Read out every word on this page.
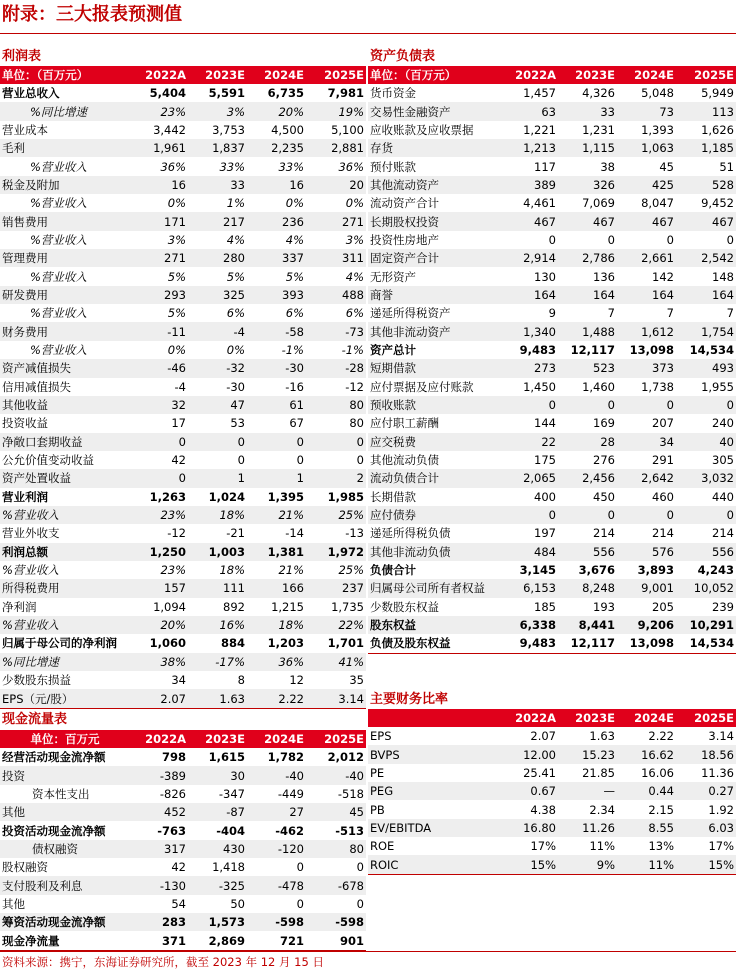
附录：三大报表预测值
利润表
单位：（百万元）	2022A	2023E	2024E	2025E
营业总收入	5,404	5,591	6,735	7,981
%同比增速	23%	3%	20%	19%
营业成本	3,442	3,753	4,500	5,100
毛利	1,961	1,837	2,235	2,881
%营业收入	36%	33%	33%	36%
税金及附加	16	33	16	20
%营业收入	0%	1%	0%	0%
销售费用	171	217	236	271
%营业收入	3%	4%	4%	3%
管理费用	271	280	337	311
%营业收入	5%	5%	5%	4%
研发费用	293	325	393	488
%营业收入	5%	6%	6%	6%
财务费用	-11	-4	-58	-73
%营业收入	0%	0%	-1%	-1%
资产减值损失	-46	-32	-30	-28
信用减值损失	-4	-30	-16	-12
其他收益	32	47	61	80
投资收益	17	53	67	80
净敞口套期收益	0	0	0	0
公允价值变动收益	42	0	0	0
资产处置收益	0	1	1	2
营业利润	1,263	1,024	1,395	1,985
%营业收入	23%	18%	21%	25%
营业外收支	-12	-21	-14	-13
利润总额	1,250	1,003	1,381	1,972
%营业收入	23%	18%	21%	25%
所得税费用	157	111	166	237
净利润	1,094	892	1,215	1,735
%营业收入	20%	16%	18%	22%
归属于母公司的净利润	1,060	884	1,203	1,701
%同比增速	38%	-17%	36%	41%
少数股东损益	34	8	12	35
EPS（元/股）	2.07	1.63	2.22	3.14
资产负债表
单位：（百万元）	2022A	2023E	2024E	2025E
货币资金	1,457	4,326	5,048	5,949
交易性金融资产	63	33	73	113
应收账款及应收票据	1,221	1,231	1,393	1,626
存货	1,213	1,115	1,063	1,185
预付账款	117	38	45	51
其他流动资产	389	326	425	528
流动资产合计	4,461	7,069	8,047	9,452
长期股权投资	467	467	467	467
投资性房地产	0	0	0	0
固定资产合计	2,914	2,786	2,661	2,542
无形资产	130	136	142	148
商誉	164	164	164	164
递延所得税资产	9	7	7	7
其他非流动资产	1,340	1,488	1,612	1,754
资产总计	9,483	12,117	13,098	14,534
短期借款	273	523	373	493
应付票据及应付账款	1,450	1,460	1,738	1,955
预收账款	0	0	0	0
应付职工薪酬	144	169	207	240
应交税费	22	28	34	40
其他流动负债	175	276	291	305
流动负债合计	2,065	2,456	2,642	3,032
长期借款	400	450	460	440
应付债券	0	0	0	0
递延所得税负债	197	214	214	214
其他非流动负债	484	556	576	556
负债合计	3,145	3,676	3,893	4,243
归属母公司所有者权益	6,153	8,248	9,001	10,052
少数股东权益	185	193	205	239
股东权益	6,338	8,441	9,206	10,291
负债及股东权益	9,483	12,117	13,098	14,534
主要财务比率
	2022A	2023E	2024E	2025E
EPS	2.07	1.63	2.22	3.14
BVPS	12.00	15.23	16.62	18.56
PE	25.41	21.85	16.06	11.36
PEG	0.67	—	0.44	0.27
PB	4.38	2.34	2.15	1.92
EV/EBITDA	16.80	11.26	8.55	6.03
ROE	17%	11%	13%	17%
ROIC	15%	9%	11%	15%
现金流量表
单位：百万元	2022A	2023E	2024E	2025E
经营活动现金流净额	798	1,615	1,782	2,012
投资	-389	30	-40	-40
资本性支出	-826	-347	-449	-518
其他	452	-87	27	45
投资活动现金流净额	-763	-404	-462	-513
债权融资	317	430	-120	80
股权融资	42	1,418	0	0
支付股利及利息	-130	-325	-478	-678
其他	54	50	0	0
筹资活动现金流净额	283	1,573	-598	-598
现金净流量	371	2,869	721	901
资料来源：携宁，东海证券研究所，截至 2023 年 12 月 15 日
